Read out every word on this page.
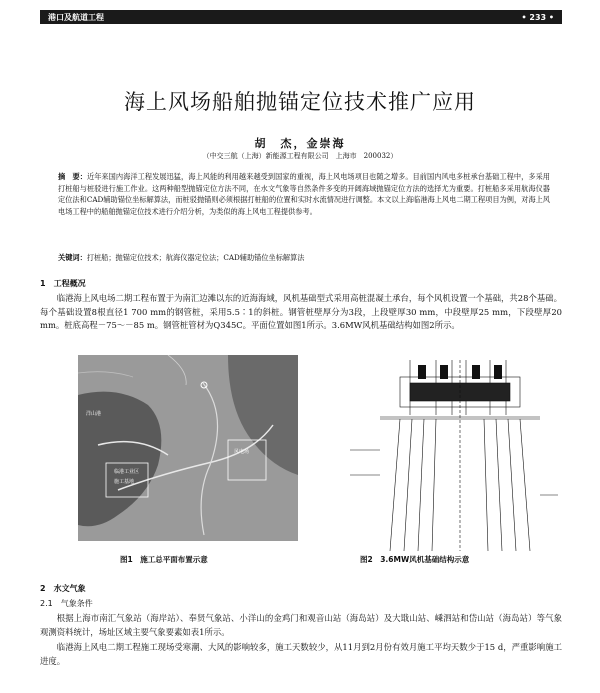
港口及航道工程	• 233 •
海上风场船舶抛锚定位技术推广应用
胡　杰，金崇海
（中交三航（上海）新能源工程有限公司　上海市　200032）
摘　要：近年来国内海洋工程发展迅猛，海上风能的利用越来越受到国家的重视，海上风电场项目也随之增多。目前国内风电多桩承台基础工程中，多采用打桩船与桩驳进行施工作业。这两种船型抛锚定位方法不同，在水文气象等自然条件多变的开阔海域抛锚定位方法的选择尤为重要。打桩船多采用航海仪器定位法和CAD辅助锚位坐标解算法，而桩驳抛锚则必须根据打桩船的位置和实时水流情况进行调整。本文以上海临港海上风电二期工程项目为例，对海上风电场工程中的船舶抛锚定位技术进行介绍分析，为类似的海上风电工程提供参考。
关键词：打桩船；抛锚定位技术；航海仪器定位法；CAD辅助锚位坐标解算法
1　工程概况
临港海上风电场二期工程布置于为南汇边滩以东的近海海域，风机基础型式采用高桩混凝土承台，每个风机设置一个基础，共28个基础。每个基础设置8根直径1 700 mm的钢管桩，采用5.5∶1的斜桩。钢管桩壁厚分为3段，上段壁厚30 mm，中段壁厚25 mm，下段壁厚20 mm。桩底高程－75～－85 m。钢管桩管材为Q345C。平面位置如图1所示。3.6MW风机基础结构如图2所示。
临港工业区
施工基地
风电场
洋山港
图1　施工总平面布置示意	图2　3.6MW风机基础结构示意
2　水文气象
2.1　气象条件
根据上海市南汇气象站（海岸站）、奉贤气象站、小洋山的金鸡门和观音山站（海岛站）及大戢山站、嵊泗站和岱山站（海岛站）等气象观测资料统计，场址区域主要气象要素如表1所示。
临港海上风电二期工程施工现场受寒潮、大风的影响较多，施工天数较少，从11月到2月份有效月施工平均天数少于15 d，严重影响施工进度。
